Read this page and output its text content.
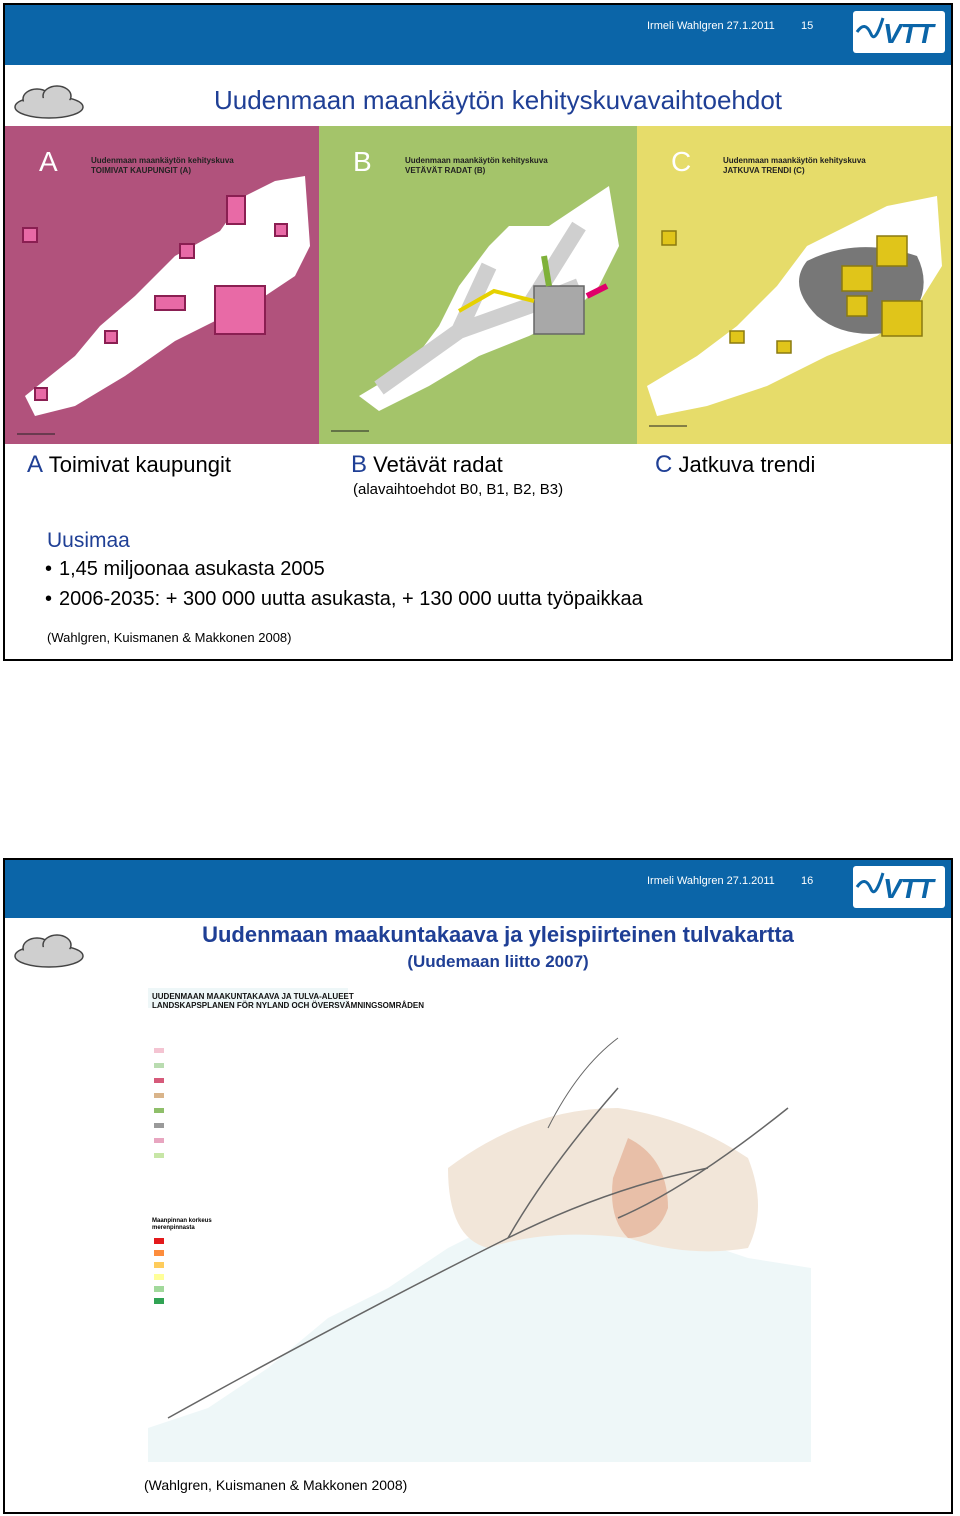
Irmeli Wahlgren 27.1.2011 15 VTT
Uudenmaan maankäytön kehityskuvavaihtoehdot
A	Uudenmaan maankäytön kehityskuva
TOIMIVAT KAUPUNGIT (A)	B	Uudenmaan maankäytön kehityskuva
VETÄVÄT RADAT (B)	C	Uudenmaan maankäytön kehityskuva
JATKUVA TRENDI (C)
A Toimivat kaupungit	B Vetävät radat	C Jatkuva trendi
(alavaihtoehdot B0, B1, B2, B3)
Uusimaa
• 1,45 miljoonaa asukasta 2005
• 2006-2035: + 300 000 uutta asukasta, + 130 000 uutta työpaikkaa
(Wahlgren, Kuismanen & Makkonen 2008)
Irmeli Wahlgren 27.1.2011 16 VTT
Uudenmaan maakuntakaava ja yleispiirteinen tulvakartta
(Uudemaan liitto 2007)
UUDENMAAN MAAKUNTAKAAVA JA TULVA-ALUEET
LANDSKAPSPLANEN FÖR NYLAND OCH ÖVERSVÄMNINGSOMRÅDEN
Maanpinnan korkeus merenpinnasta
(Wahlgren, Kuismanen & Makkonen 2008)
